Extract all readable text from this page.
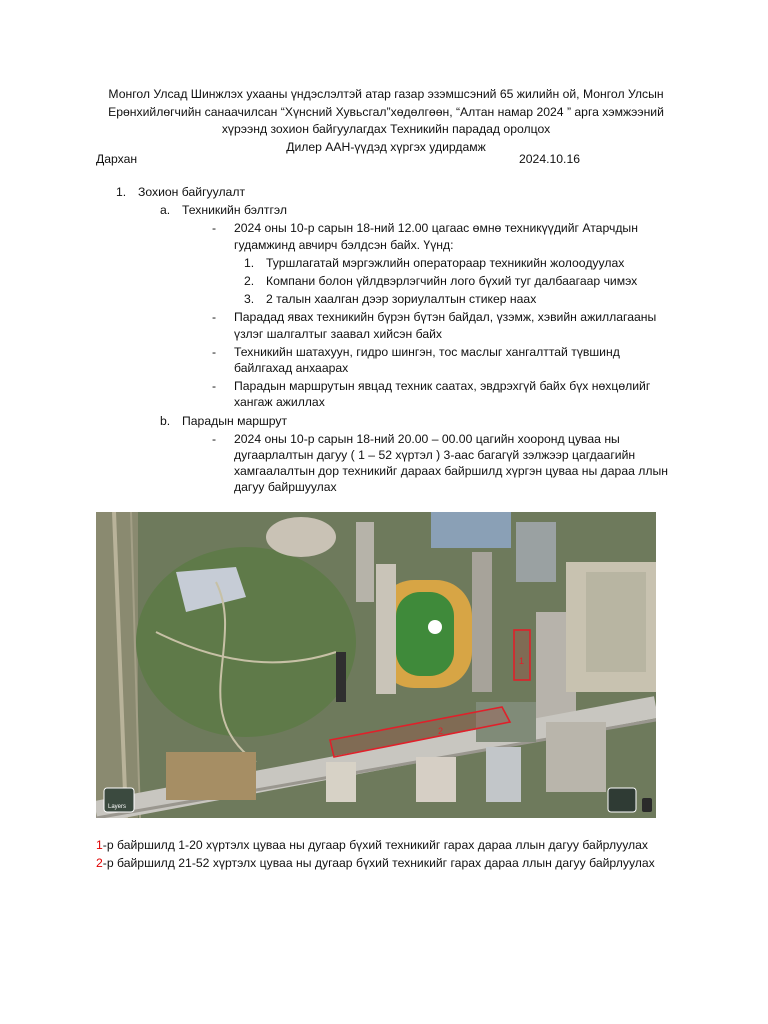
Монгол Улсад Шинжлэх ухааны үндэслэлтэй атар газар эзэмшсэний 65 жилийн ой, Монгол Улсын
Ерөнхийлөгчийн санаачилсан “Хүнсний Хувьсгал”хөдөлгөөн, “Алтан намар 2024 ” арга хэмжээний
хүрээнд зохион байгуулагдах Техникийн парадад оролцох
Дилер ААН-үүдэд хүргэх удирдамж
Дархан	2024.10.16
1. Зохион байгуулалт
a. Техникийн бэлтгэл
- 2024 оны 10-р сарын 18-ний 12.00 цагаас өмнө техникүүдийг Атарчдын
гудамжинд авчирч бэлдсэн байх. Үүнд:
1. Туршлагатай мэргэжлийн оператораар техникийн жолоодуулах
2. Компани болон үйлдвэрлэгчийн лого бүхий туг далбаагаар чимэх
3. 2 талын хаалган дээр зориулалтын стикер наах
- Парадад явах техникийн бүрэн бүтэн байдал, үзэмж, хэвийн ажиллагааны
үзлэг шалгалтыг заавал хийсэн байх
- Техникийн шатахуун, гидро шингэн, тос маслыг хангалттай түвшинд
байлгахад анхаарах
- Парадын маршрутын явцад техник саатах, эвдрэхгүй байх бүх нөхцөлийг
хангаж ажиллах
b. Парадын маршрут
- 2024 оны 10-р сарын 18-ний 20.00 – 00.00 цагийн хооронд цуваа ны
дугаарлалтын дагуу ( 1 – 52 хүртэл ) 3-аас багагүй зэлжээр цагдаагийн
хамгаалалтын дор техникийг дараах байршилд хүргэн цуваа ны дараа ллын
дагуу байршуулах
1
2
Layers
1-р байршилд 1-20 хүртэлх цуваа ны дугаар бүхий техникийг гарах дараа ллын дагуу байрлуулах
2-р байршилд 21-52 хүртэлх цуваа ны дугаар бүхий техникийг гарах дараа ллын дагуу байрлуулах
